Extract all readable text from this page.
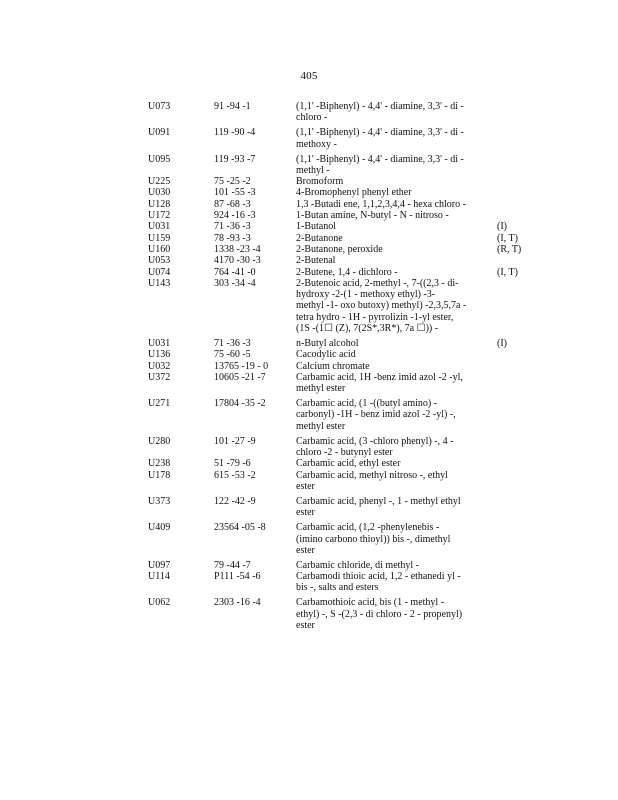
405
U073	91 -94 -1	(1,1' -Biphenyl) - 4,4' - diamine, 3,3' - di -
chloro -
U091	119 -90 -4	(1,1' -Biphenyl) - 4,4' - diamine, 3,3' - di -
methoxy -
U095	119 -93 -7	(1,1' -Biphenyl) - 4,4' - diamine, 3,3' - di -
methyl -
U225	75 -25 -2	Bromoform
U030	101 -55 -3	4-Bromophenyl phenyl ether
U128	87 -68 -3	1,3 -Butadi ene, 1,1,2,3,4,4 - hexa chloro -
U172	924 -16 -3	1-Butan amine, N-butyl - N - nitroso -
U031	71 -36 -3	1-Butanol	(I)
U159	78 -93 -3	2-Butanone	(I, T)
U160	1338 -23 -4	2-Butanone, peroxide	(R, T)
U053	4170 -30 -3	2-Butenal
U074	764 -41 -0	2-Butene, 1,4 - dichloro -	(I, T)
U143	303 -34 -4	2-Butenoic acid, 2-methyl -, 7-((2,3 - di-
hydroxy -2-(1 - methoxy ethyl) -3-
methyl -1- oxo butoxy) methyl) -2,3,5,7a -
tetra hydro - 1H - pyrrolizin -1-yl ester,
(1S -(1☐ (Z), 7(2S*,3R*), 7a ☐)) -
U031	71 -36 -3	n-Butyl alcohol	(I)
U136	75 -60 -5	Cacodylic acid
U032	13765 -19 - 0	Calcium chromate
U372	10605 -21 -7	Carbamic acid, 1H -benz imid azol -2 -yl,
methyl ester
U271	17804 -35 -2	Carbamic acid, (1 -((butyl amino) -
carbonyl) -1H - benz imid azol -2 -yl) -,
methyl ester
U280	101 -27 -9	Carbamic acid, (3 -chloro phenyl) -, 4 -
chloro -2 - butynyl ester
U238	51 -79 -6	Carbamic acid, ethyl ester
U178	615 -53 -2	Carbamic acid, methyl nitroso -, ethyl
ester
U373	122 -42 -9	Carbamic acid, phenyl -, 1 - methyl ethyl
ester
U409	23564 -05 -8	Carbamic acid, (1,2 -phenylenebis -
(imino carbono thioyl)) bis -, dimethyl
ester
U097	79 -44 -7	Carbamic chloride, di methyl -
U114	P111 -54 -6	Carbamodi thioic acid, 1,2 - ethanedi yl -
bis -, salts and esters
U062	2303 -16 -4	Carbamothioic acid, bis (1 - methyl -
ethyl) -, S -(2,3 - di chloro - 2 - propenyl)
ester
